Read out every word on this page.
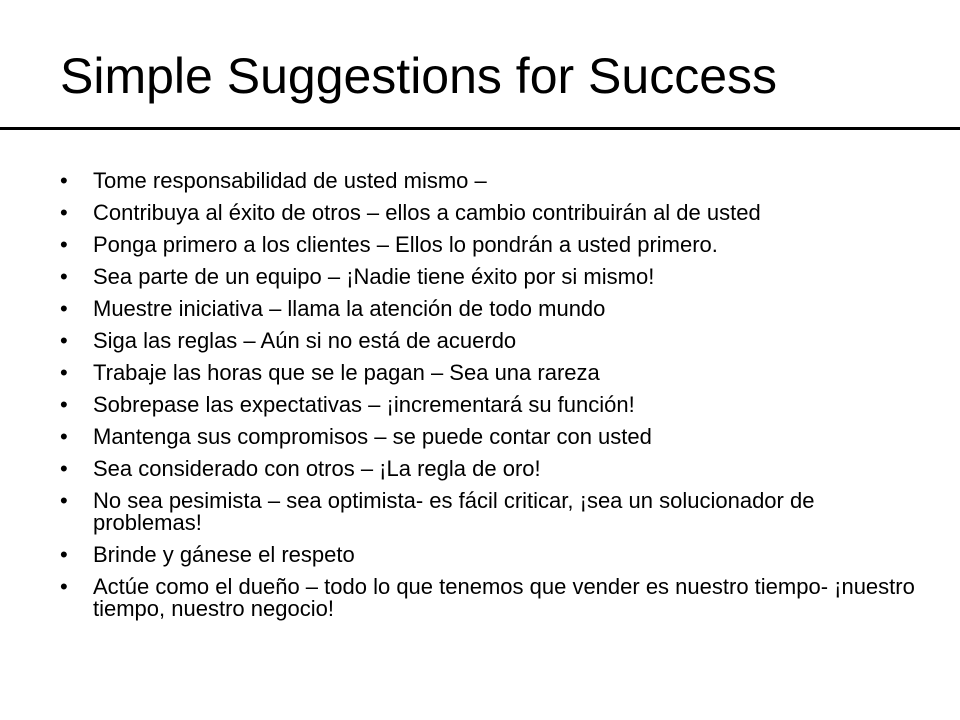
Simple Suggestions for Success
• Tome responsabilidad de usted mismo –
• Contribuya al éxito de otros – ellos a cambio contribuirán al de usted
• Ponga primero a los clientes – Ellos lo pondrán a usted primero.
• Sea parte de un equipo – ¡Nadie tiene éxito por si mismo!
• Muestre iniciativa – llama la atención de todo mundo
• Siga las reglas – Aún si no está de acuerdo
• Trabaje las horas que se le pagan – Sea una rareza
• Sobrepase las expectativas – ¡incrementará su función!
• Mantenga sus compromisos – se puede contar con usted
• Sea considerado con otros – ¡La regla de oro!
• No sea pesimista – sea optimista- es fácil criticar, ¡sea un solucionador de problemas!
• Brinde y gánese el respeto
• Actúe como el dueño – todo lo que tenemos que vender es nuestro tiempo- ¡nuestro tiempo, nuestro negocio!
